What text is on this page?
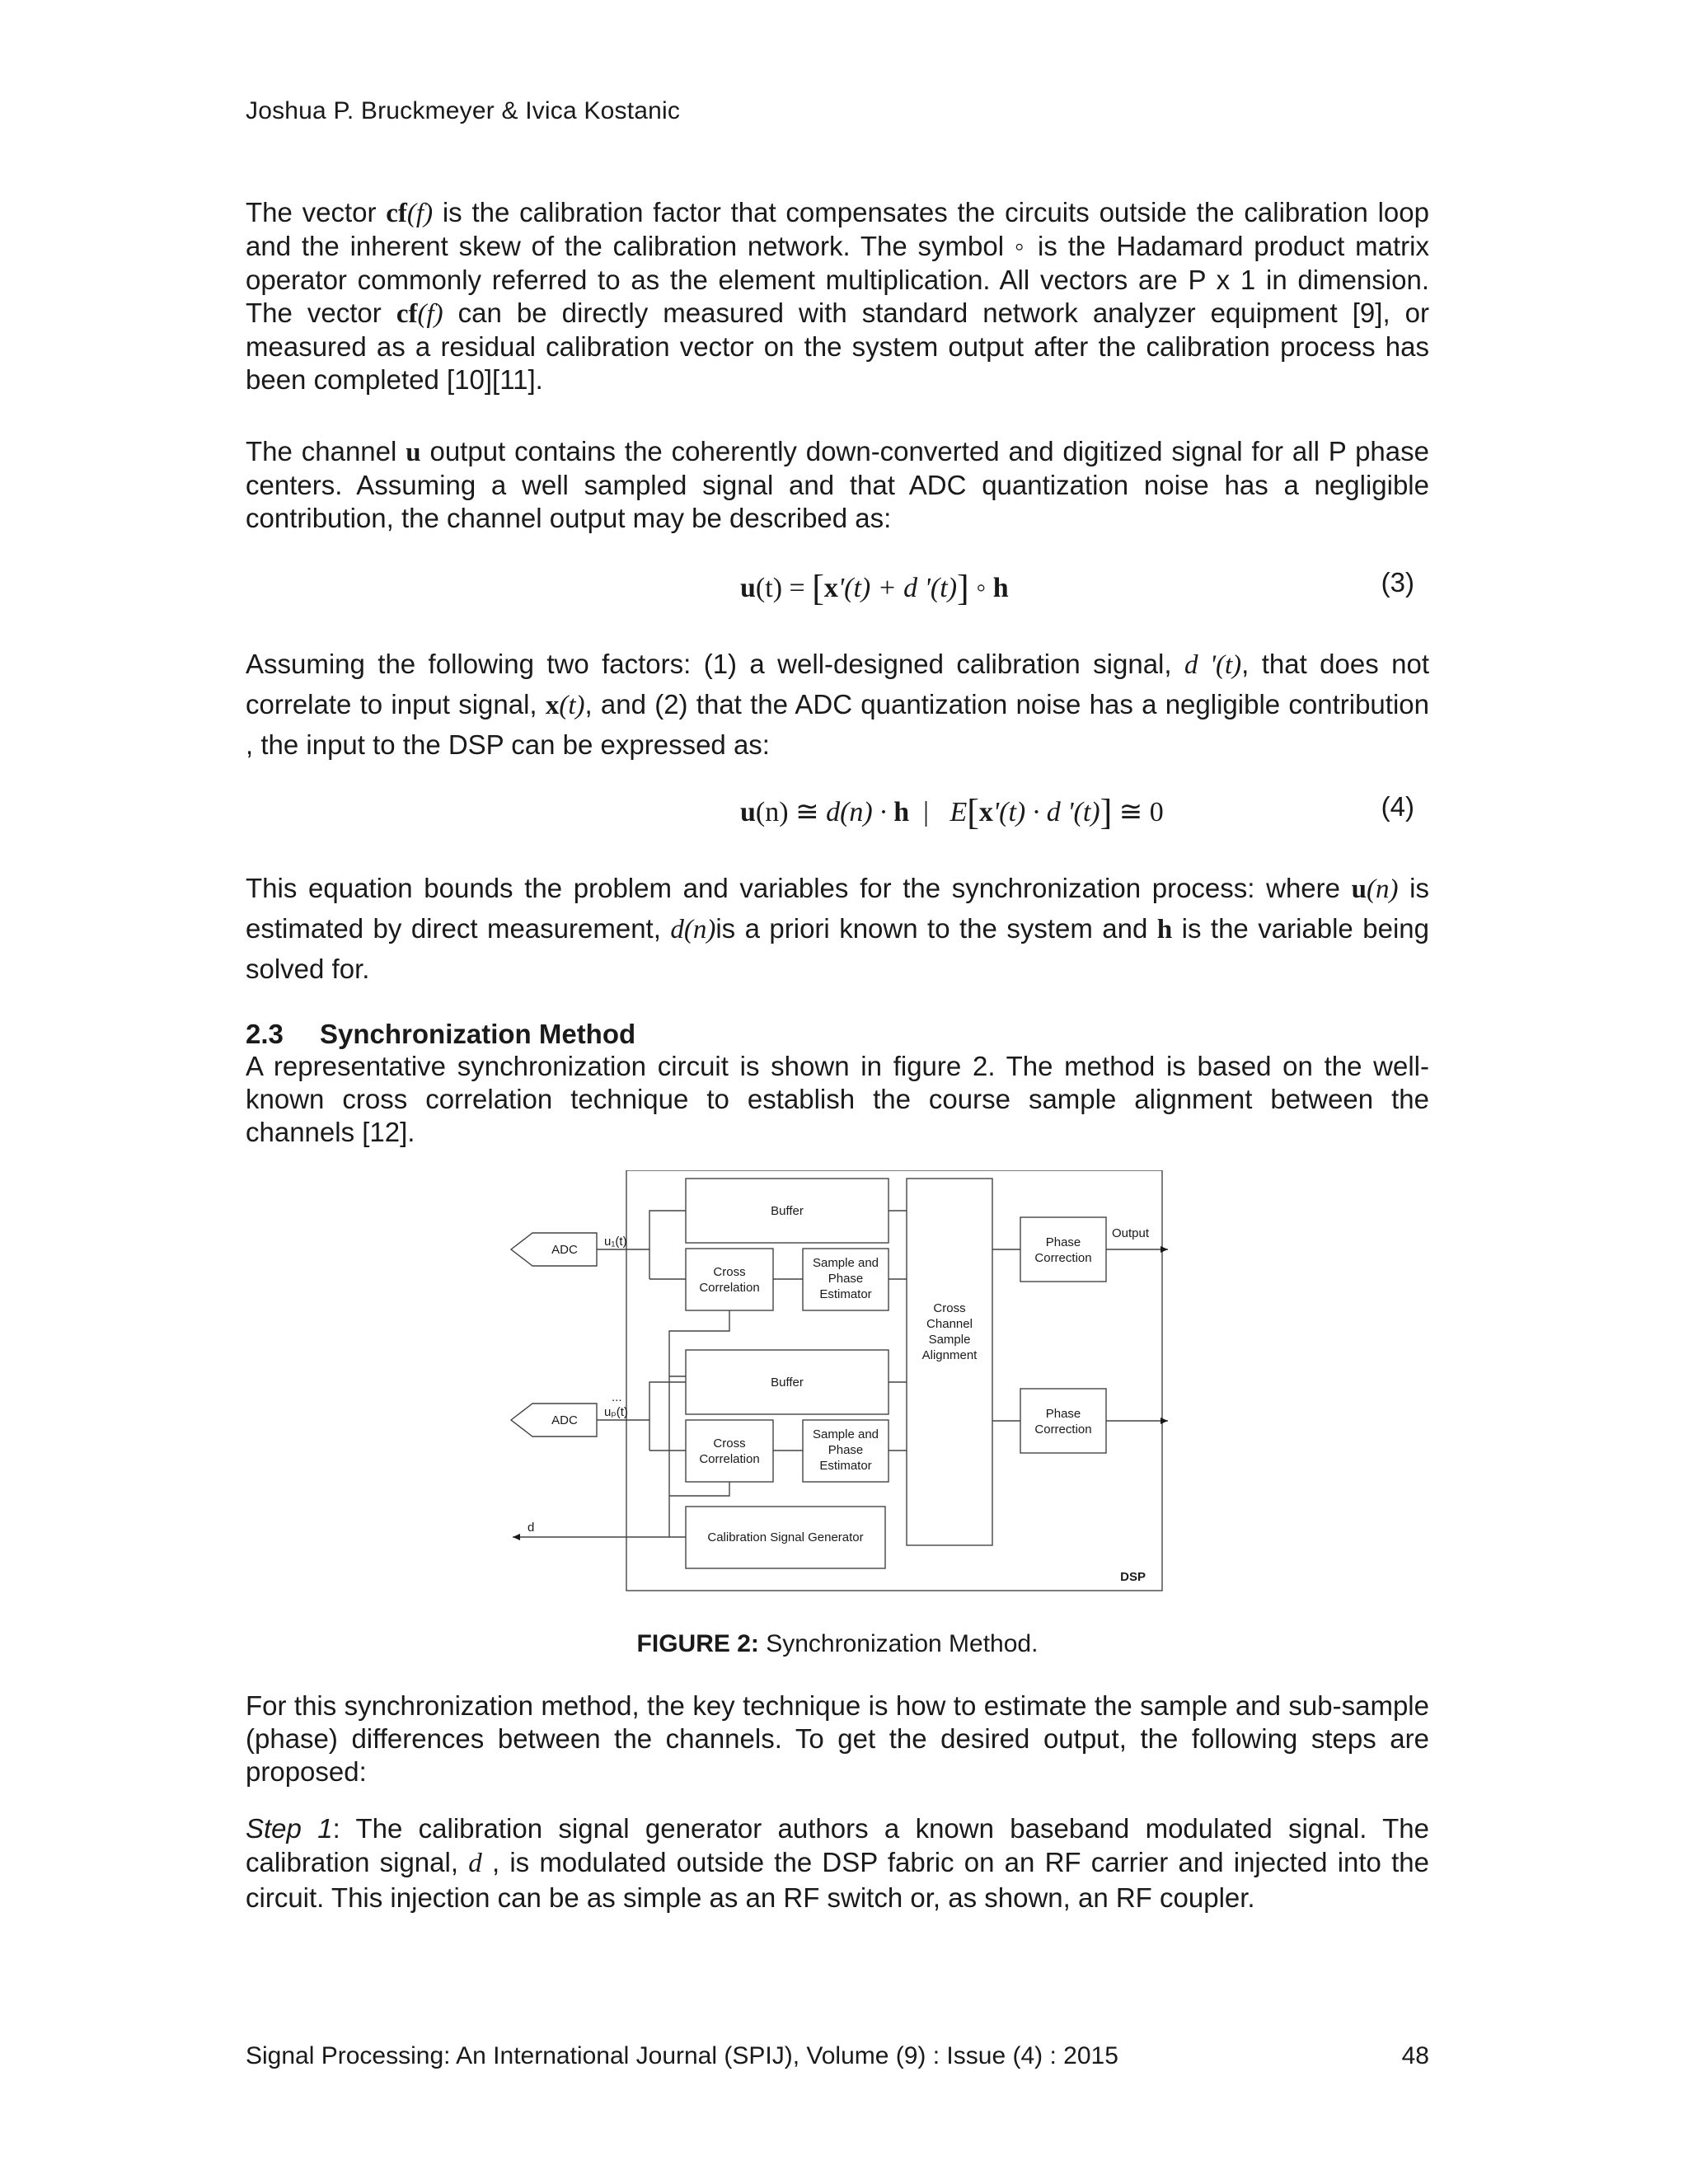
Joshua P. Bruckmeyer & Ivica Kostanic

The vector cf(f) is the calibration factor that compensates the circuits outside the calibration loop and the inherent skew of the calibration network. The symbol ◦ is the Hadamard product matrix operator commonly referred to as the element multiplication. All vectors are P x 1 in dimension. The vector cf(f) can be directly measured with standard network analyzer equipment [9], or measured as a residual calibration vector on the system output after the calibration process has been completed [10][11].

The channel u output contains the coherently down-converted and digitized signal for all P phase centers. Assuming a well sampled signal and that ADC quantization noise has a negligible contribution, the channel output may be described as:

u(t) = [x'(t) + d '(t)] ◦ h	(3)

Assuming the following two factors: (1) a well-designed calibration signal, d '(t), that does not correlate to input signal, x(t), and (2) that the ADC quantization noise has a negligible contribution , the input to the DSP can be expressed as:

u(n) ≅ d(n) · h  |   E[x'(t) · d '(t)] ≅ 0	(4)

This equation bounds the problem and variables for the synchronization process: where u(n) is estimated by direct measurement, d(n)is a priori known to the system and h is the variable being solved for.

2.3 Synchronization Method

A representative synchronization circuit is shown in figure 2. The method is based on the well-known cross correlation technique to establish the course sample alignment between the channels [12].

ADC
ADC
u₁(t)
...
uₚ(t)
d
Buffer
Buffer
Cross
Correlation
Cross
Correlation
Sample and
Phase
Estimator
Sample and
Phase
Estimator
Cross
Channel
Sample
Alignment
Phase
Correction
Phase
Correction
Output
Calibration Signal Generator
DSP
FIGURE 2: Synchronization Method.

For this synchronization method, the key technique is how to estimate the sample and sub-sample (phase) differences between the channels. To get the desired output, the following steps are proposed:

Step 1: The calibration signal generator authors a known baseband modulated signal. The calibration signal, d , is modulated outside the DSP fabric on an RF carrier and injected into the circuit. This injection can be as simple as an RF switch or, as shown, an RF coupler.

Signal Processing: An International Journal (SPIJ), Volume (9) : Issue (4) : 2015	48
